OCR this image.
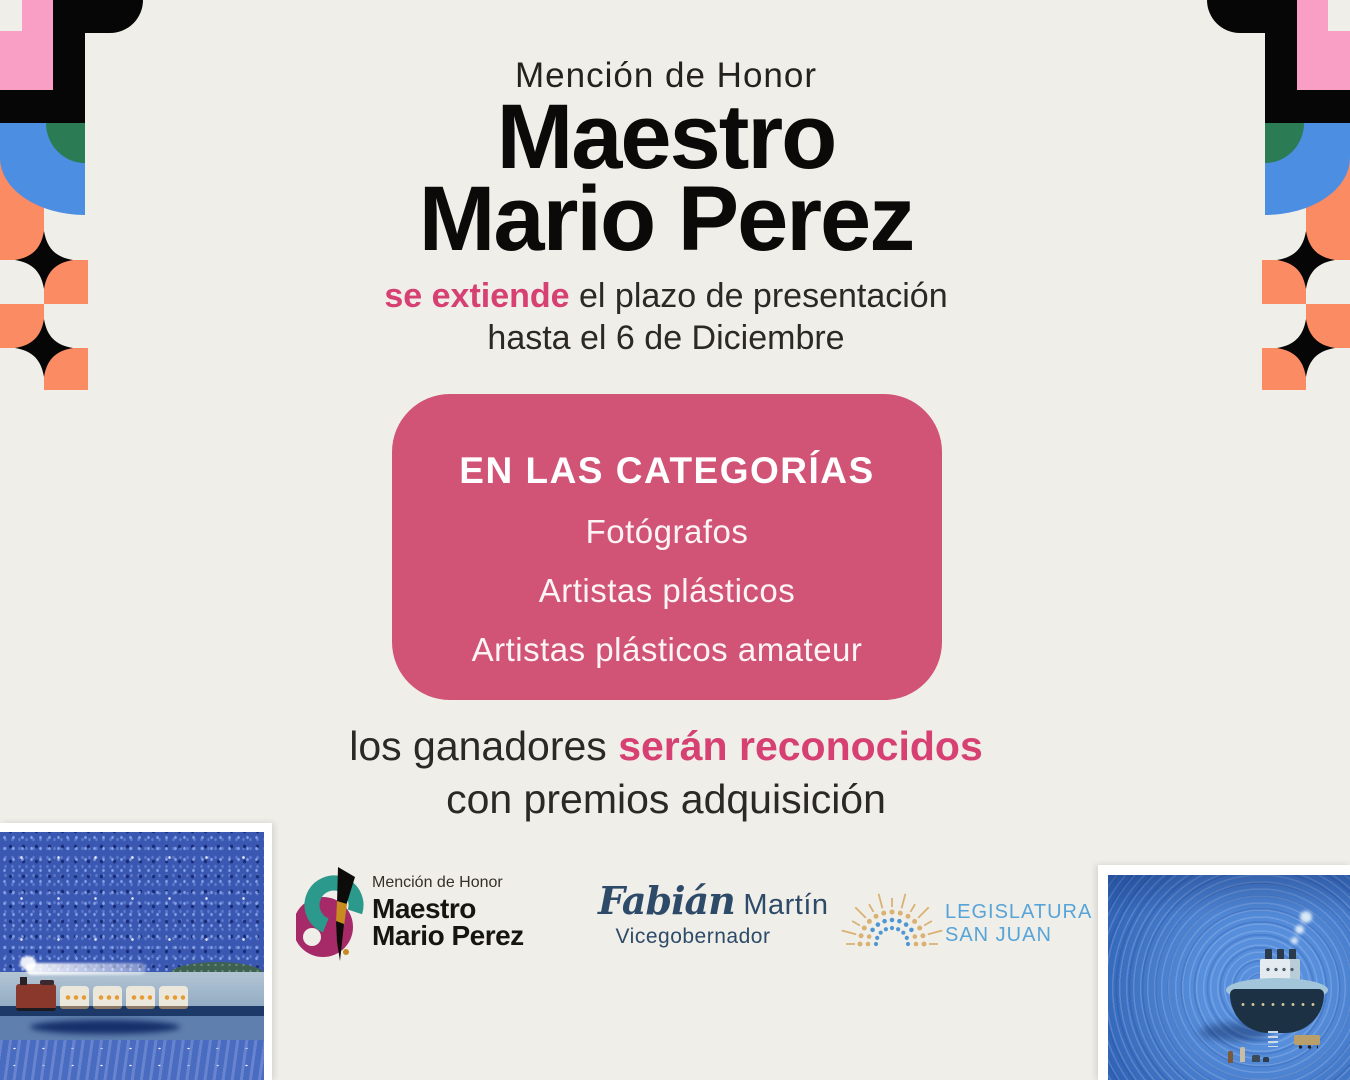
Mención de Honor
Maestro
Mario Perez
se extiende el plazo de presentación
hasta el 6 de Diciembre
EN LAS CATEGORÍAS
Fotógrafos
Artistas plásticos
Artistas plásticos amateur
los ganadores serán reconocidos
con premios adquisición
Mención de Honor
Maestro
Mario Perez
Fabián Martín
Vicegobernador
LEGISLATURA
SAN JUAN
